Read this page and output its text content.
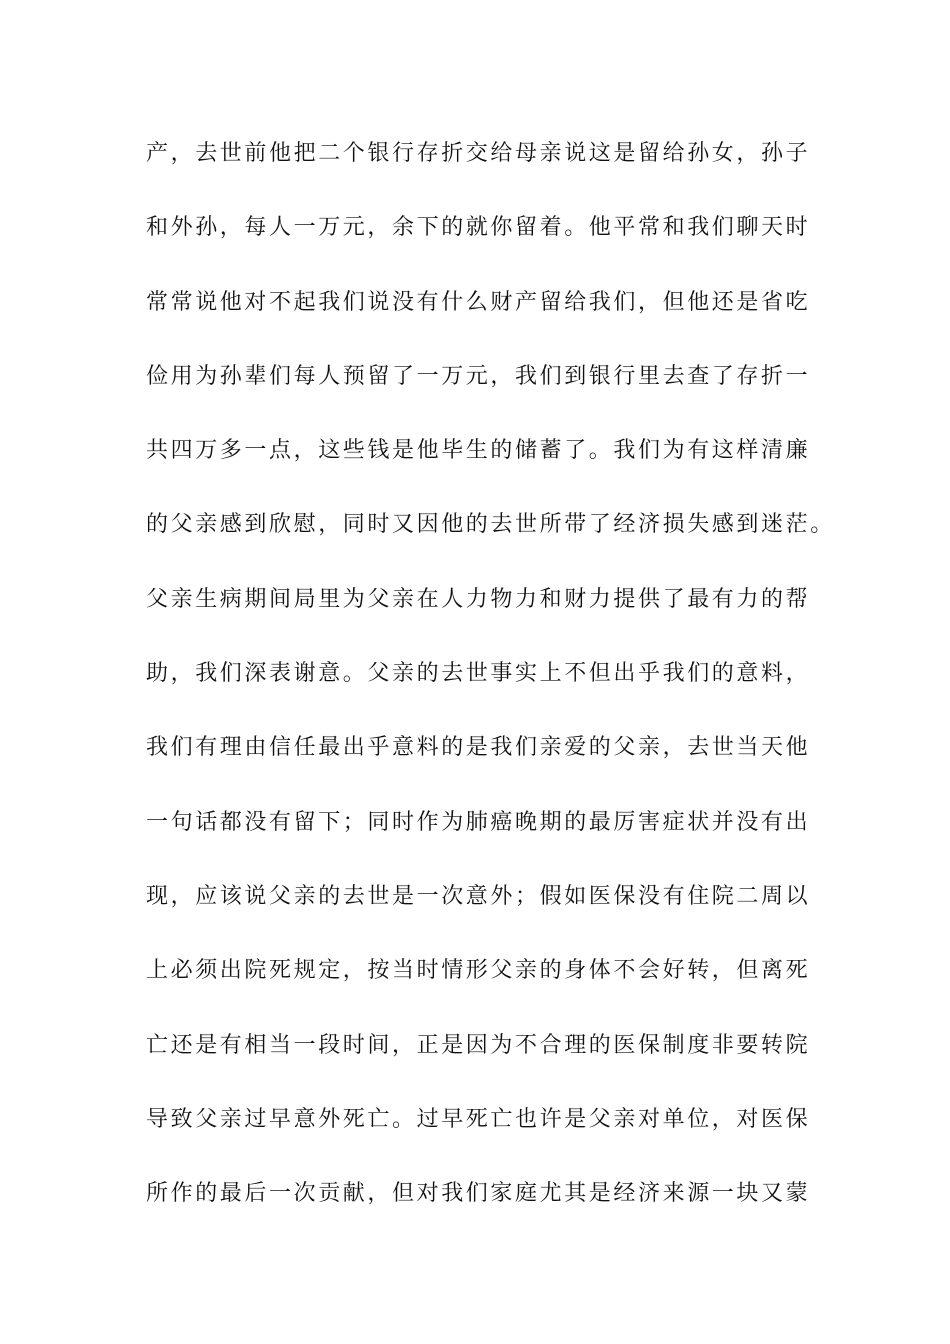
产，去世前他把二个银行存折交给母亲说这是留给孙女，孙子
和外孙，每人一万元，余下的就你留着。他平常和我们聊天时
常常说他对不起我们说没有什么财产留给我们，但他还是省吃
俭用为孙辈们每人预留了一万元，我们到银行里去查了存折一
共四万多一点，这些钱是他毕生的储蓄了。我们为有这样清廉
的父亲感到欣慰，同时又因他的去世所带了经济损失感到迷茫。
父亲生病期间局里为父亲在人力物力和财力提供了最有力的帮
助，我们深表谢意。父亲的去世事实上不但出乎我们的意料，
我们有理由信任最出乎意料的是我们亲爱的父亲，去世当天他
一句话都没有留下；同时作为肺癌晚期的最厉害症状并没有出
现，应该说父亲的去世是一次意外；假如医保没有住院二周以
上必须出院死规定，按当时情形父亲的身体不会好转，但离死
亡还是有相当一段时间，正是因为不合理的医保制度非要转院
导致父亲过早意外死亡。过早死亡也许是父亲对单位，对医保
所作的最后一次贡献，但对我们家庭尤其是经济来源一块又蒙
